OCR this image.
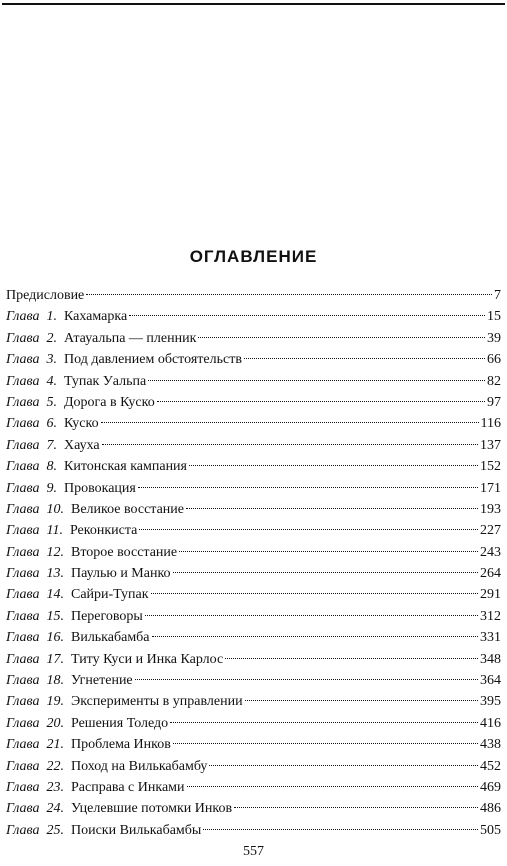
ОГЛАВЛЕНИЕ
Предисловие	7
Глава 1. Кахамарка	15
Глава 2. Атауальпа — пленник	39
Глава 3. Под давлением обстоятельств	66
Глава 4. Тупак Уальпа	82
Глава 5. Дорога в Куско	97
Глава 6. Куско	116
Глава 7. Хауха	137
Глава 8. Китонская кампания	152
Глава 9. Провокация	171
Глава 10. Великое восстание	193
Глава 11. Реконкиста	227
Глава 12. Второе восстание	243
Глава 13. Паулью и Манко	264
Глава 14. Сайри-Тупак	291
Глава 15. Переговоры	312
Глава 16. Вилькабамба	331
Глава 17. Титу Куси и Инка Карлос	348
Глава 18. Угнетение	364
Глава 19. Эксперименты в управлении	395
Глава 20. Решения Толедо	416
Глава 21. Проблема Инков	438
Глава 22. Поход на Вилькабамбу	452
Глава 23. Расправа с Инками	469
Глава 24. Уцелевшие потомки Инков	486
Глава 25. Поиски Вилькабамбы	505
557
